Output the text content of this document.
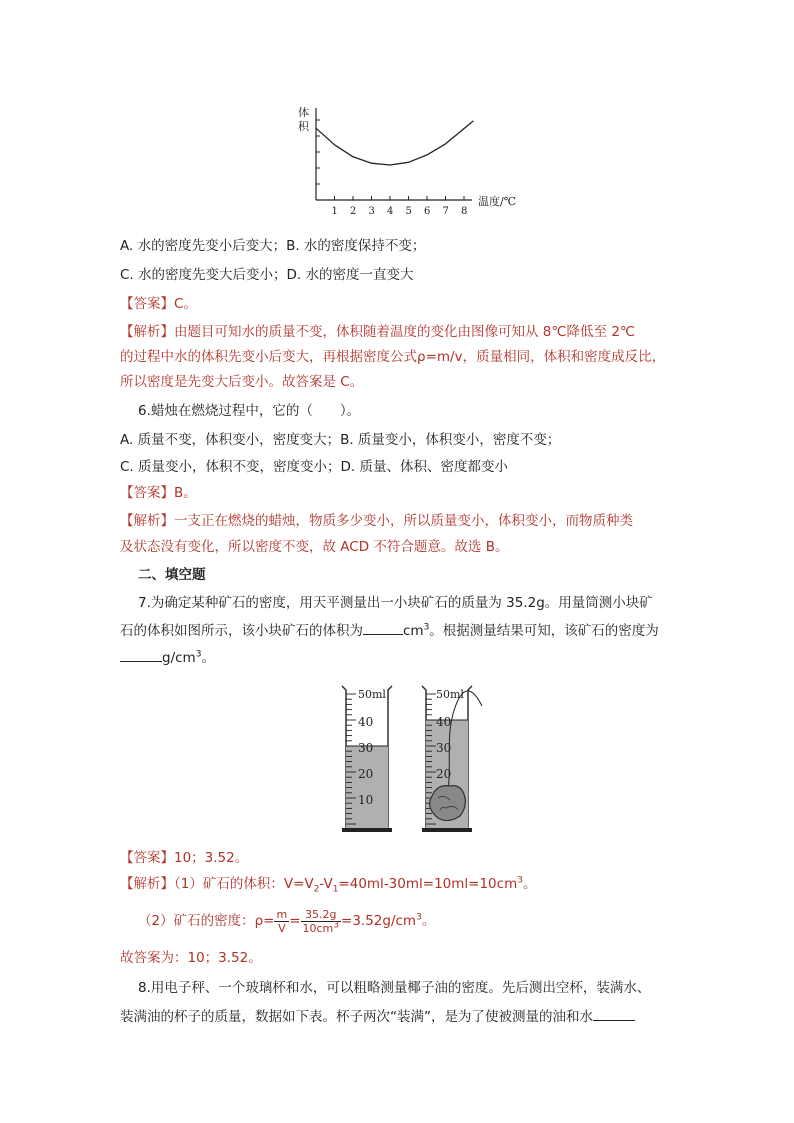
1 2 3 4 5 6 7 8
体
积
温度/℃
A. 水的密度先变小后变大；B. 水的密度保持不变；
C. 水的密度先变大后变小；D. 水的密度一直变大
【答案】C。
【解析】由题目可知水的质量不变，体积随着温度的变化由图像可知从 8℃降低至 2℃
的过程中水的体积先变小后变大，再根据密度公式ρ=m/v，质量相同，体积和密度成反比，
所以密度是先变大后变小。故答案是 C。
6.蜡烛在燃烧过程中，它的（　　）。
A. 质量不变，体积变小，密度变大；B. 质量变小，体积变小，密度不变；
C. 质量变小，体积不变，密度变小；D. 质量、体积、密度都变小
【答案】B。
【解析】一支正在燃烧的蜡烛，物质多少变小，所以质量变小，体积变小，而物质种类
及状态没有变化，所以密度不变，故 ACD 不符合题意。故选 B。
二、填空题
7.为确定某种矿石的密度，用天平测量出一小块矿石的质量为 35.2g。用量筒测小块矿
石的体积如图所示，该小块矿石的体积为	$cm^3$。根据测量结果可知，该矿石的密度为
$g/cm^3$。
50ml
40
30
20
10
50ml
40
30
20
【答案】10；3.52。
【解析】（1）矿石的体积：$V=V_2-V_1=40ml-30ml=10ml=10cm^3$。
（2）矿石的密度：$\rho= \frac{m}{V} = \frac{35.2g}{10cm^3} =3.52g/cm^3$。
故答案为：10；3.52。
8.用电子秤、一个玻璃杯和水，可以粗略测量椰子油的密度。先后测出空杯，装满水、
装满油的杯子的质量，数据如下表。杯子两次“装满”，是为了使被测量的油和水
